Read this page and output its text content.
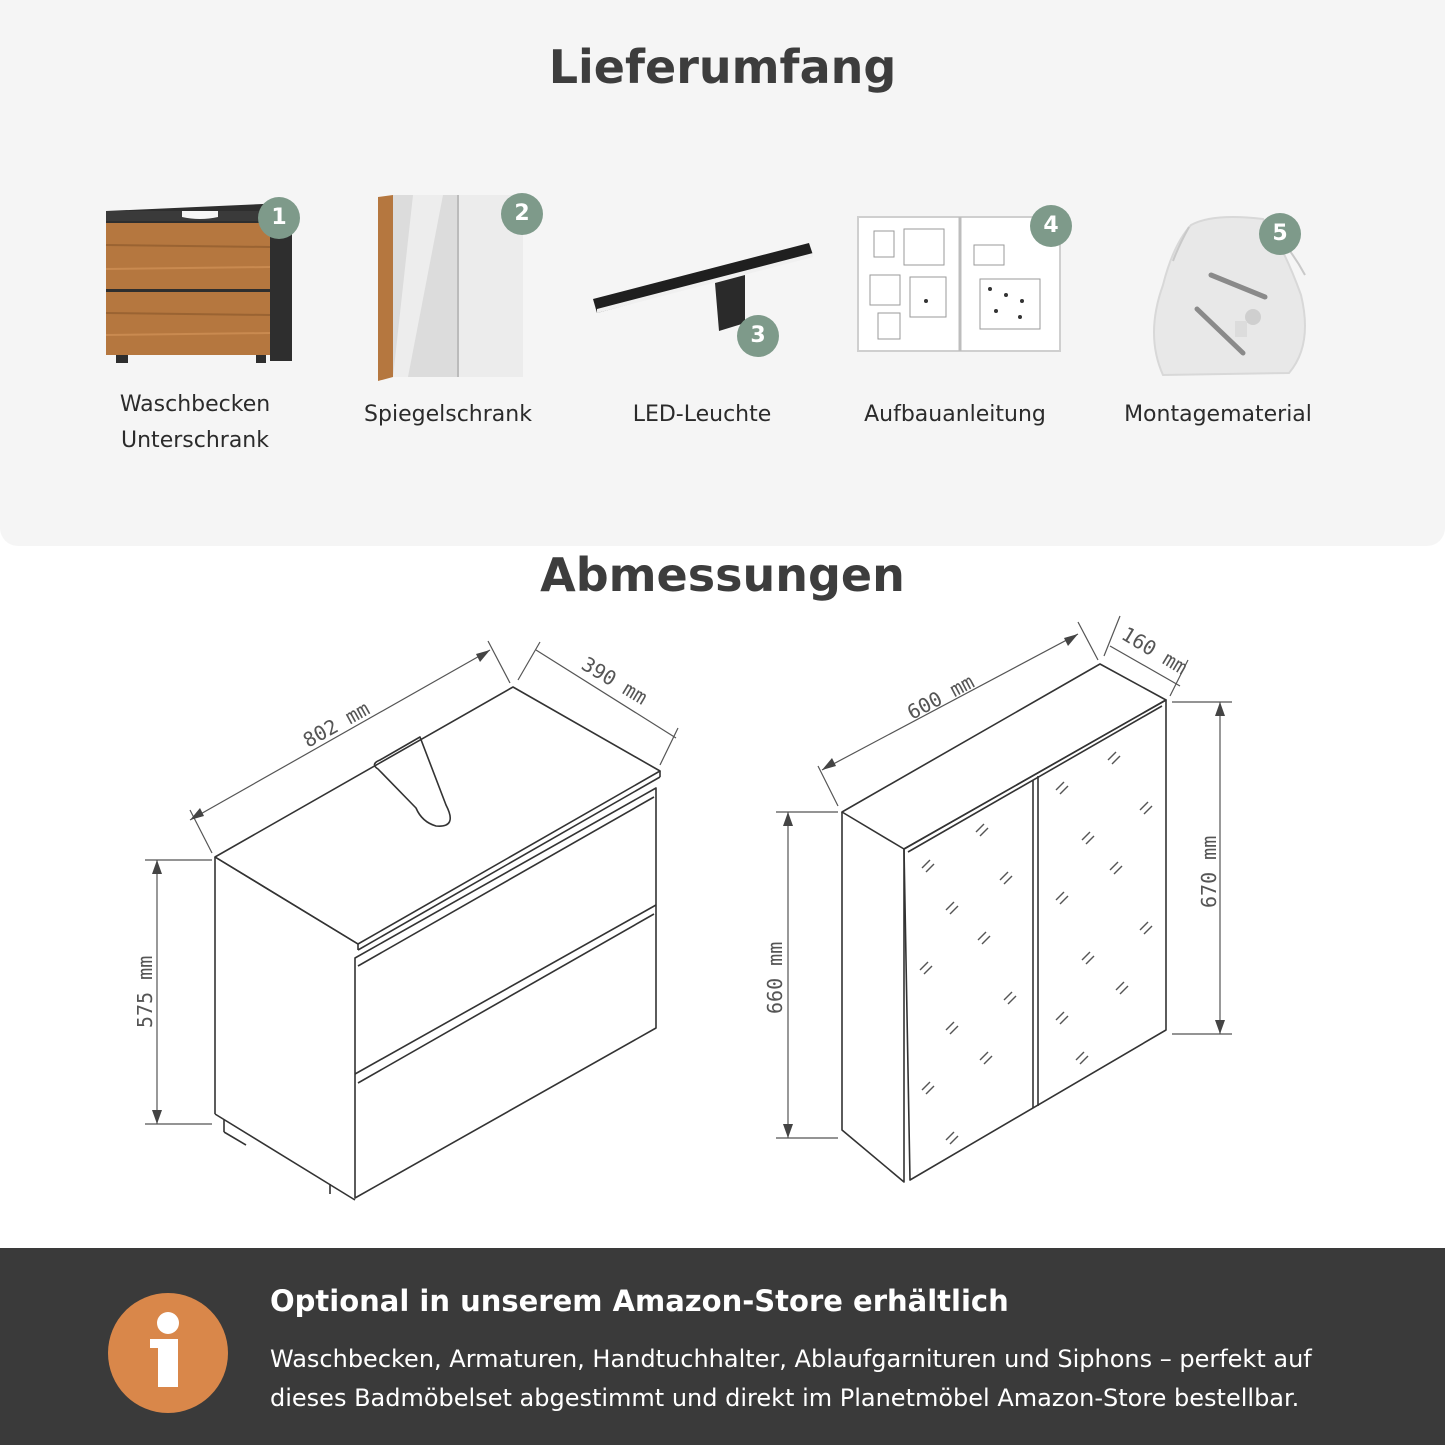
Lieferumfang
1
Waschbecken
Unterschrank
2
Spiegelschrank
3
LED-Leuchte
4
Aufbauanleitung
5
Montagematerial
Abmessungen
802 mm
390 mm
575 mm
600 mm
160 mm
670 mm
660 mm

Optional in unserem Amazon-Store erhältlich

Waschbecken, Armaturen, Handtuchhalter, Ablaufgarnituren und Siphons – perfekt auf dieses Badmöbelset abgestimmt und direkt im Planetmöbel Amazon-Store bestellbar.
